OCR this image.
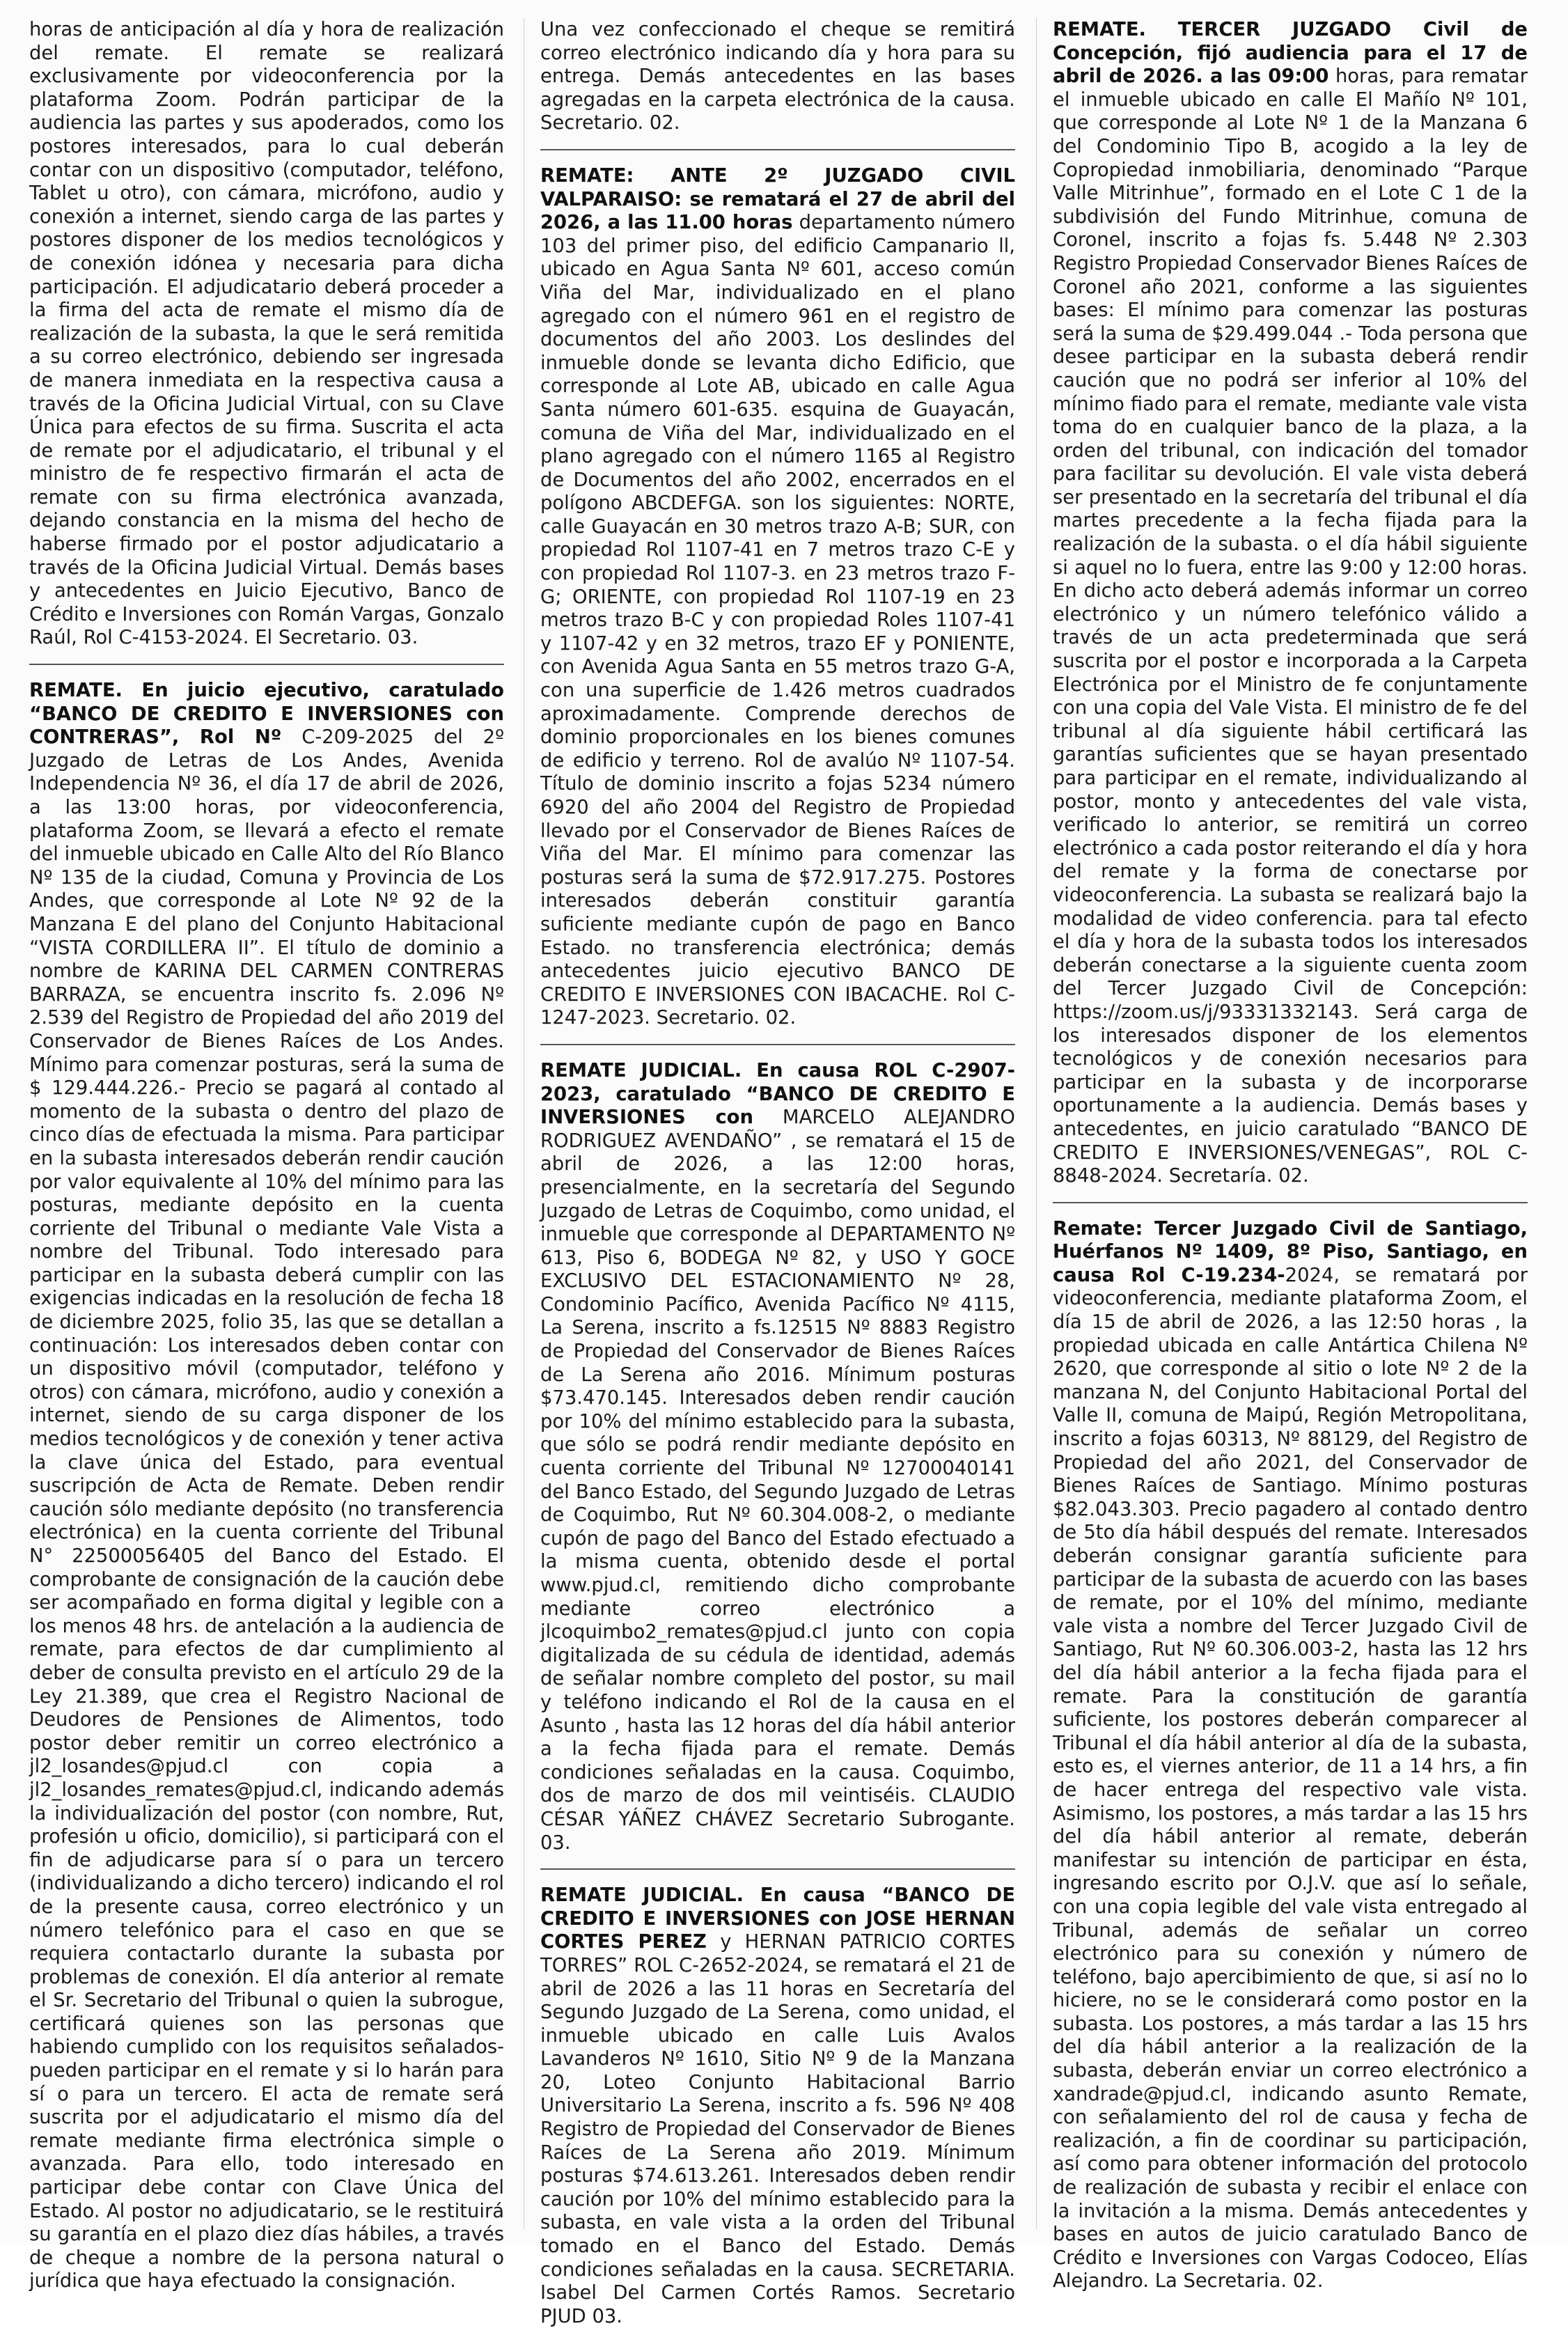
horas de anticipación al día y hora de realización del remate. El remate se realizará exclusivamente por videoconferencia por la plataforma Zoom. Podrán participar de la audiencia las partes y sus apoderados, como los postores interesados, para lo cual deberán contar con un dispositivo (computador, teléfono, Tablet u otro), con cámara, micrófono, audio y conexión a internet, siendo carga de las partes y postores disponer de los medios tecnológicos y de conexión idónea y necesaria para dicha participación. El adjudicatario deberá proceder a la firma del acta de remate el mismo día de realización de la subasta, la que le será remitida a su correo electrónico, debiendo ser ingresada de manera inmediata en la respectiva causa a través de la Oficina Judicial Virtual, con su Clave Única para efectos de su firma. Suscrita el acta de remate por el adjudicatario, el tribunal y el ministro de fe respectivo firmarán el acta de remate con su firma electrónica avanzada, dejando constancia en la misma del hecho de haberse firmado por el postor adjudicatario a través de la Oficina Judicial Virtual. Demás bases y antecedentes en Juicio Ejecutivo, Banco de Crédito e Inversiones con Román Vargas, Gonzalo Raúl, Rol C-4153-2024. El Secretario. 03.

REMATE. En juicio ejecutivo, caratulado “BANCO DE CREDITO E INVERSIONES con CONTRERAS”, Rol Nº C-209-2025 del 2º Juzgado de Letras de Los Andes, Avenida Independencia Nº 36, el día 17 de abril de 2026, a las 13:00 horas, por videoconferencia, plataforma Zoom, se llevará a efecto el remate del inmueble ubicado en Calle Alto del Río Blanco Nº 135 de la ciudad, Comuna y Provincia de Los Andes, que corresponde al Lote Nº 92 de la Manzana E del plano del Conjunto Habitacional “VISTA CORDILLERA II”. El título de dominio a nombre de KARINA DEL CARMEN CONTRERAS BARRAZA, se encuentra inscrito fs. 2.096 Nº 2.539 del Registro de Propiedad del año 2019 del Conservador de Bienes Raíces de Los Andes. Mínimo para comenzar posturas, será la suma de $ 129.444.226.- Precio se pagará al contado al momento de la subasta o dentro del plazo de cinco días de efectuada la misma. Para participar en la subasta interesados deberán rendir caución por valor equivalente al 10% del mínimo para las posturas, mediante depósito en la cuenta corriente del Tribunal o mediante Vale Vista a nombre del Tribunal. Todo interesado para participar en la subasta deberá cumplir con las exigencias indicadas en la resolución de fecha 18 de diciembre 2025, folio 35, las que se detallan a continuación: Los interesados deben contar con un dispositivo móvil (computador, teléfono y otros) con cámara, micrófono, audio y conexión a internet, siendo de su carga disponer de los medios tecnológicos y de conexión y tener activa la clave única del Estado, para eventual suscripción de Acta de Remate. Deben rendir caución sólo mediante depósito (no transferencia electrónica) en la cuenta corriente del Tribunal N° 22500056405 del Banco del Estado. El comprobante de consignación de la caución debe ser acompañado en forma digital y legible con a los menos 48 hrs. de antelación a la audiencia de remate, para efectos de dar cumplimiento al deber de consulta previsto en el artículo 29 de la Ley 21.389, que crea el Registro Nacional de Deudores de Pensiones de Alimentos, todo postor deber remitir un correo electrónico a jl2_losandes@pjud.cl con copia a jl2_losandes_remates@pjud.cl, indicando además la individualización del postor (con nombre, Rut, profesión u oficio, domicilio), si participará con el fin de adjudicarse para sí o para un tercero (individualizando a dicho tercero) indicando el rol de la presente causa, correo electrónico y un número telefónico para el caso en que se requiera contactarlo durante la subasta por problemas de conexión. El día anterior al remate el Sr. Secretario del Tribunal o quien la subrogue, certificará quienes son las personas que habiendo cumplido con los requisitos señalados- pueden participar en el remate y si lo harán para sí o para un tercero. El acta de remate será suscrita por el adjudicatario el mismo día del remate mediante firma electrónica simple o avanzada. Para ello, todo interesado en participar debe contar con Clave Única del Estado. Al postor no adjudicatario, se le restituirá su garantía en el plazo diez días hábiles, a través de cheque a nombre de la persona natural o jurídica que haya efectuado la consignación.

Una vez confeccionado el cheque se remitirá correo electrónico indicando día y hora para su entrega. Demás antecedentes en las bases agregadas en la carpeta electrónica de la causa. Secretario. 02.

REMATE: ANTE 2º JUZGADO CIVIL VALPARAISO: se rematará el 27 de abril del 2026, a las 11.00 horas departamento número 103 del primer piso, del edificio Campanario ll, ubicado en Agua Santa Nº 601, acceso común Viña del Mar, individualizado en el plano agregado con el número 961 en el registro de documentos del año 2003. Los deslindes del inmueble donde se levanta dicho Edificio, que corresponde al Lote AB, ubicado en calle Agua Santa número 601-635. esquina de Guayacán, comuna de Viña del Mar, individualizado en el plano agregado con el número 1165 al Registro de Documentos del año 2002, encerrados en el polígono ABCDEFGA. son los siguientes: NORTE, calle Guayacán en 30 metros trazo A-B; SUR, con propiedad Rol 1107-41 en 7 metros trazo C-E y con propiedad Rol 1107-3. en 23 metros trazo F-G; ORIENTE, con propiedad Rol 1107-19 en 23 metros trazo B-C y con propiedad Roles 1107-41 y 1107-42 y en 32 metros, trazo EF y PONIENTE, con Avenida Agua Santa en 55 metros trazo G-A, con una superficie de 1.426 metros cuadrados aproximadamente. Comprende derechos de dominio proporcionales en los bienes comunes de edificio y terreno. Rol de avalúo Nº 1107-54. Título de dominio inscrito a fojas 5234 número 6920 del año 2004 del Registro de Propiedad llevado por el Conservador de Bienes Raíces de Viña del Mar. El mínimo para comenzar las posturas será la suma de $72.917.275. Postores interesados deberán constituir garantía suficiente mediante cupón de pago en Banco Estado. no transferencia electrónica; demás antecedentes juicio ejecutivo BANCO DE CREDITO E INVERSIONES CON IBACACHE. Rol C-1247-2023. Secretario. 02.

REMATE JUDICIAL. En causa ROL C-2907-2023, caratulado “BANCO DE CREDITO E INVERSIONES con MARCELO ALEJANDRO RODRIGUEZ AVENDAÑO” , se rematará el 15 de abril de 2026, a las 12:00 horas, presencialmente, en la secretaría del Segundo Juzgado de Letras de Coquimbo, como unidad, el inmueble que corresponde al DEPARTAMENTO Nº 613, Piso 6, BODEGA Nº 82, y USO Y GOCE EXCLUSIVO DEL ESTACIONAMIENTO Nº 28, Condominio Pacífico, Avenida Pacífico Nº 4115, La Serena, inscrito a fs.12515 Nº 8883 Registro de Propiedad del Conservador de Bienes Raíces de La Serena año 2016. Mínimum posturas $73.470.145. Interesados deben rendir caución por 10% del mínimo establecido para la subasta, que sólo se podrá rendir mediante depósito en cuenta corriente del Tribunal Nº 12700040141 del Banco Estado, del Segundo Juzgado de Letras de Coquimbo, Rut Nº 60.304.008-2, o mediante cupón de pago del Banco del Estado efectuado a la misma cuenta, obtenido desde el portal www.pjud.cl, remitiendo dicho comprobante mediante correo electrónico a jlcoquimbo2_remates@pjud.cl junto con copia digitalizada de su cédula de identidad, además de señalar nombre completo del postor, su mail y teléfono indicando el Rol de la causa en el Asunto , hasta las 12 horas del día hábil anterior a la fecha fijada para el remate. Demás condiciones señaladas en la causa. Coquimbo, dos de marzo de dos mil veintiséis. CLAUDIO CÉSAR YÁÑEZ CHÁVEZ Secretario Subrogante. 03.

REMATE JUDICIAL. En causa “BANCO DE CREDITO E INVERSIONES con JOSE HERNAN CORTES PEREZ y HERNAN PATRICIO CORTES TORRES” ROL C-2652-2024, se rematará el 21 de abril de 2026 a las 11 horas en Secretaría del Segundo Juzgado de La Serena, como unidad, el inmueble ubicado en calle Luis Avalos Lavanderos Nº 1610, Sitio Nº 9 de la Manzana 20, Loteo Conjunto Habitacional Barrio Universitario La Serena, inscrito a fs. 596 Nº 408 Registro de Propiedad del Conservador de Bienes Raíces de La Serena año 2019. Mínimum posturas $74.613.261. Interesados deben rendir caución por 10% del mínimo establecido para la subasta, en vale vista a la orden del Tribunal tomado en el Banco del Estado. Demás condiciones señaladas en la causa. SECRETARIA. Isabel Del Carmen Cortés Ramos. Secretario PJUD 03.

REMATE. TERCER JUZGADO Civil de Concepción, fijó audiencia para el 17 de abril de 2026. a las 09:00 horas, para rematar el inmueble ubicado en calle El Mañío Nº 101, que corresponde al Lote Nº 1 de la Manzana 6 del Condominio Tipo B, acogido a la ley de Copropiedad inmobiliaria, denominado “Parque Valle Mitrinhue”, formado en el Lote C 1 de la subdivisión del Fundo Mitrinhue, comuna de Coronel, inscrito a fojas fs. 5.448 Nº 2.303 Registro Propiedad Conservador Bienes Raíces de Coronel año 2021, conforme a las siguientes bases: El mínimo para comenzar las posturas será la suma de $29.499.044 .- Toda persona que desee participar en la subasta deberá rendir caución que no podrá ser inferior al 10% del mínimo fiado para el remate, mediante vale vista toma do en cualquier banco de la plaza, a la orden del tribunal, con indicación del tomador para facilitar su devolución. El vale vista deberá ser presentado en la secretaría del tribunal el día martes precedente a la fecha fijada para la realización de la subasta. o el día hábil siguiente si aquel no lo fuera, entre las 9:00 y 12:00 horas. En dicho acto deberá además informar un correo electrónico y un número telefónico válido a través de un acta predeterminada que será suscrita por el postor e incorporada a la Carpeta Electrónica por el Ministro de fe conjuntamente con una copia del Vale Vista. El ministro de fe del tribunal al día siguiente hábil certificará las garantías suficientes que se hayan presentado para participar en el remate, individualizando al postor, monto y antecedentes del vale vista, verificado lo anterior, se remitirá un correo electrónico a cada postor reiterando el día y hora del remate y la forma de conectarse por videoconferencia. La subasta se realizará bajo la modalidad de video conferencia. para tal efecto el día y hora de la subasta todos los interesados deberán conectarse a la siguiente cuenta zoom del Tercer Juzgado Civil de Concepción: https://zoom.us/j/93331332143. Será carga de los interesados disponer de los elementos tecnológicos y de conexión necesarios para participar en la subasta y de incorporarse oportunamente a la audiencia. Demás bases y antecedentes, en juicio caratulado “BANCO DE CREDITO E INVERSIONES/VENEGAS”, ROL C-8848-2024. Secretaría. 02.

Remate: Tercer Juzgado Civil de Santiago, Huérfanos Nº 1409, 8º Piso, Santiago, en causa Rol C-19.234-2024, se rematará por videoconferencia, mediante plataforma Zoom, el día 15 de abril de 2026, a las 12:50 horas , la propiedad ubicada en calle Antártica Chilena Nº 2620, que corresponde al sitio o lote Nº 2 de la manzana N, del Conjunto Habitacional Portal del Valle II, comuna de Maipú, Región Metropolitana, inscrito a fojas 60313, Nº 88129, del Registro de Propiedad del año 2021, del Conservador de Bienes Raíces de Santiago. Mínimo posturas $82.043.303. Precio pagadero al contado dentro de 5to día hábil después del remate. Interesados deberán consignar garantía suficiente para participar de la subasta de acuerdo con las bases de remate, por el 10% del mínimo, mediante vale vista a nombre del Tercer Juzgado Civil de Santiago, Rut Nº 60.306.003-2, hasta las 12 hrs del día hábil anterior a la fecha fijada para el remate. Para la constitución de garantía suficiente, los postores deberán comparecer al Tribunal el día hábil anterior al día de la subasta, esto es, el viernes anterior, de 11 a 14 hrs, a fin de hacer entrega del respectivo vale vista. Asimismo, los postores, a más tardar a las 15 hrs del día hábil anterior al remate, deberán manifestar su intención de participar en ésta, ingresando escrito por O.J.V. que así lo señale, con una copia legible del vale vista entregado al Tribunal, además de señalar un correo electrónico para su conexión y número de teléfono, bajo apercibimiento de que, si así no lo hiciere, no se le considerará como postor en la subasta. Los postores, a más tardar a las 15 hrs del día hábil anterior a la realización de la subasta, deberán enviar un correo electrónico a xandrade@pjud.cl, indicando asunto Remate, con señalamiento del rol de causa y fecha de realización, a fin de coordinar su participación, así como para obtener información del protocolo de realización de subasta y recibir el enlace con la invitación a la misma. Demás antecedentes y bases en autos de juicio caratulado Banco de Crédito e Inversiones con Vargas Codoceo, Elías Alejandro. La Secretaria. 02.
